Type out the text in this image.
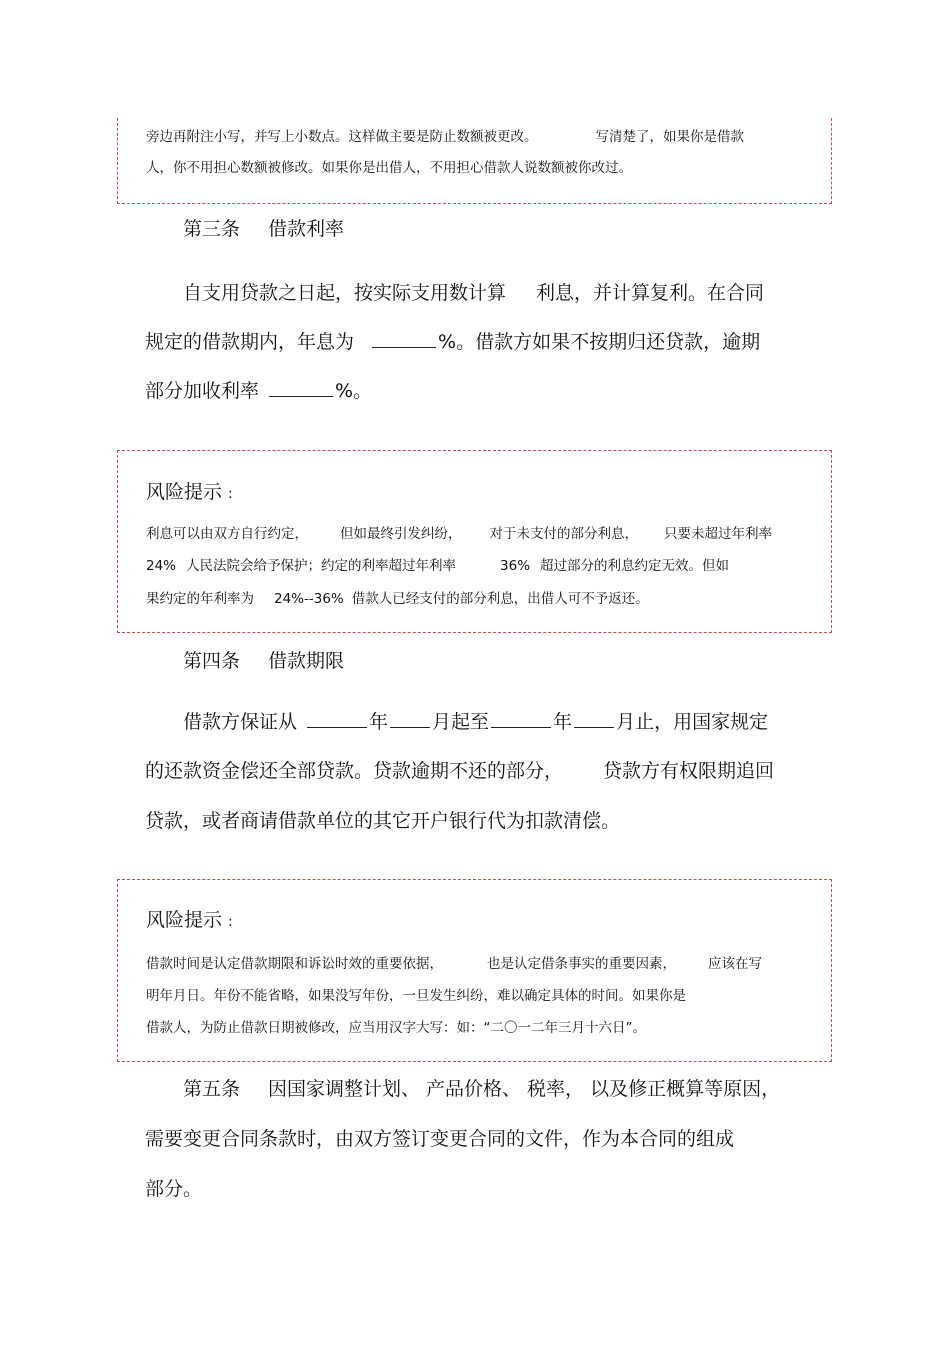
旁边再附注小写，并写上小数点。这样做主要是防止数额被更改。	写清楚了，如果你是借款
人，你不用担心数额被修改。如果你是出借人，不用担心借款人说数额被你改过。
第三条 借款利率
自支用贷款之日起，按实际支用数计算 利息，并计算复利。在合同
规定的借款期内，年息为	%。借款方如果不按期归还贷款，逾期
部分加收利率	%。
风险提示 :
利息可以由双方自行约定， 但如最终引发纠纷， 对于未支付的部分利息， 只要未超过年利率
24% 人民法院会给予保护；约定的利率超过年利率	36% 超过部分的利息约定无效。但如
果约定的年利率为 24%--36% 借款人已经支付的部分利息，出借人可不予返还。
第四条 借款期限
借款方保证从	年 月起至	年 月止，用国家规定
的还款资金偿还全部贷款。贷款逾期不还的部分， 贷款方有权限期追回
贷款，或者商请借款单位的其它开户银行代为扣款清偿。
风险提示 :
借款时间是认定借款期限和诉讼时效的重要依据，	也是认定借条事实的重要因素， 应该在写
明年月日。年份不能省略，如果没写年份，一旦发生纠纷，难以确定具体的时间。如果你是
借款人，为防止借款日期被修改，应当用汉字大写：如：“二〇一二年三月十六日”。
第五条 因国家调整计划、 产品价格、 税率， 以及修正概算等原因，
需要变更合同条款时，由双方签订变更合同的文件，作为本合同的组成
部分。
